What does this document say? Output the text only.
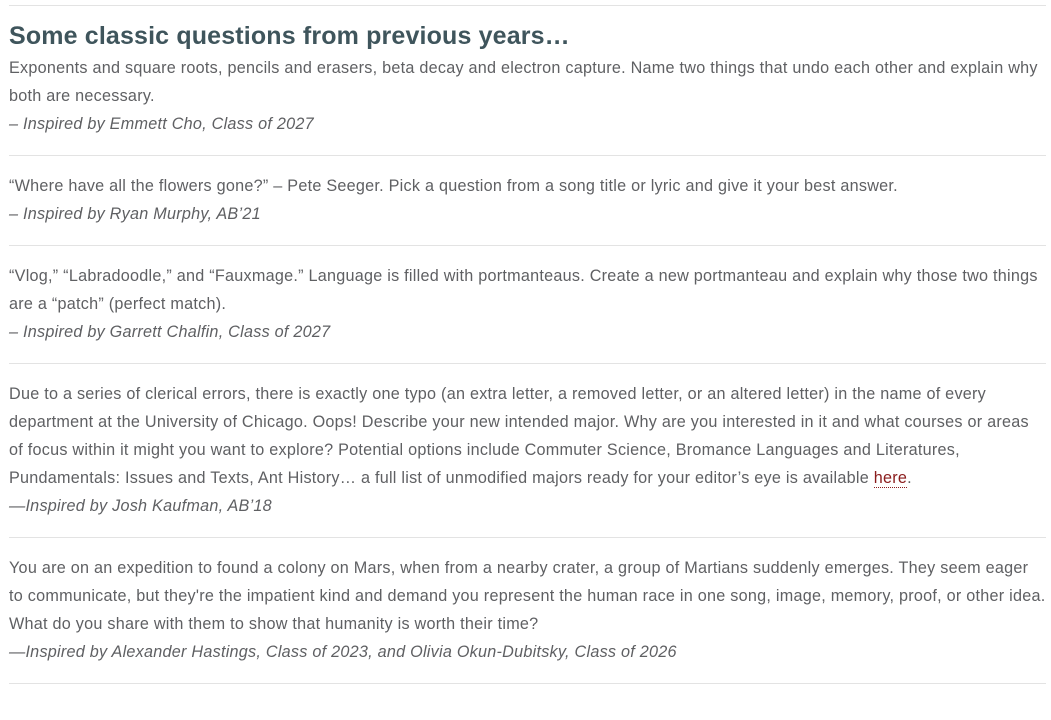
Some classic questions from previous years…

Exponents and square roots, pencils and erasers, beta decay and electron capture. Name two things that undo each other and explain why both are necessary.

– Inspired by Emmett Cho, Class of 2027

“Where have all the flowers gone?” – Pete Seeger. Pick a question from a song title or lyric and give it your best answer.

– Inspired by Ryan Murphy, AB’21

“Vlog,” “Labradoodle,” and “Fauxmage.” Language is filled with portmanteaus. Create a new portmanteau and explain why those two things are a “patch” (perfect match).

– Inspired by Garrett Chalfin, Class of 2027

Due to a series of clerical errors, there is exactly one typo (an extra letter, a removed letter, or an altered letter) in the name of every department at the University of Chicago. Oops! Describe your new intended major. Why are you interested in it and what courses or areas of focus within it might you want to explore? Potential options include Commuter Science, Bromance Languages and Literatures, Pundamentals: Issues and Texts, Ant History… a full list of unmodified majors ready for your editor’s eye is available here.

—Inspired by Josh Kaufman, AB’18

You are on an expedition to found a colony on Mars, when from a nearby crater, a group of Martians suddenly emerges. They seem eager to communicate, but they're the impatient kind and demand you represent the human race in one song, image, memory, proof, or other idea. What do you share with them to show that humanity is worth their time?

—Inspired by Alexander Hastings, Class of 2023, and Olivia Okun-Dubitsky, Class of 2026
